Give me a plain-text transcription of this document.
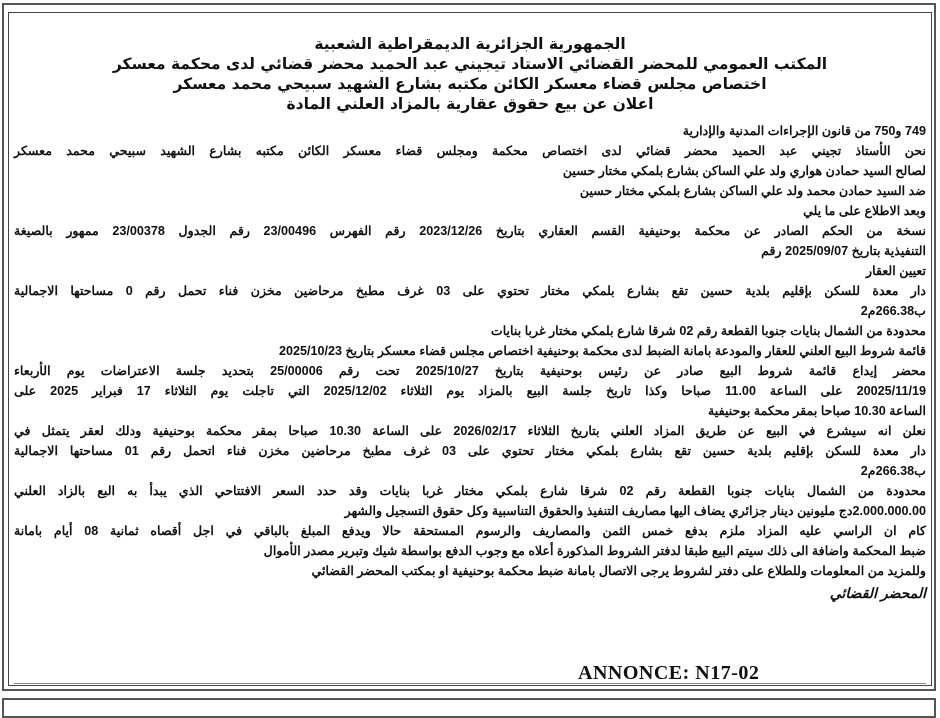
الجمهورية الجزائرية الديمقراطية الشعبية
المكتب العمومي للمحضر القضائي الاستاد تيجيني عبد الحميد محضر قضائي لدى محكمة معسكر
اختصاص مجلس قضاء معسكر الكائن مكتبه بشارع الشهيد سبيحي محمد معسكر
اعلان عن بيع حقوق عقارية بالمزاد العلني المادة
749 و750 من قانون الإجراءات المدنية والإدارية
نحن الأستاذ تجيني عبد الحميد محضر قضائي لدى اختصاص محكمة ومجلس قضاء معسكر الكائن مكتبه بشارع الشهيد سبيحي محمد معسكر
لصالح السيد حمادن هواري ولد علي الساكن بشارع بلمكي مختار حسين
ضد السيد حمادن محمد ولد علي الساكن بشارع بلمكي مختار حسين
وبعد الاطلاع على ما يلي
نسخة من الحكم الصادر عن محكمة بوحنيفية القسم العقاري بتاريخ 2023/12/26 رقم الفهرس 23/00496 رقم الجدول 23/00378 ممهور بالصيغة
التنفيذية بتاريخ 2025/09/07 رقم
تعيين العقار
دار معدة للسكن بإقليم بلدية حسين تقع بشارع بلمكي مختار تحتوي على 03 غرف مطبخ مرحاضين مخزن فناء تحمل رقم 0 مساحتها الاجمالية
ب266.38م2
محدودة من الشمال بنايات جنوبا القطعة رقم 02 شرقا شارع بلمكي مختار غربا بنايات
قائمة شروط البيع العلني للعقار والمودعة بامانة الضبط لدى محكمة بوحنيفية اختصاص مجلس قضاء معسكر بتاريخ 2025/10/23
محضر إيداع قائمة شروط البيع صادر عن رئيس بوحنيفية بتاريخ 2025/10/27 تحت رقم 25/00006 بتحديد جلسة الاعتراضات يوم الأربعاء
20025/11/19 على الساعة 11.00 صباحا وكذا تاريخ جلسة البيع بالمزاد يوم الثلاثاء 2025/12/02 التي تاجلت يوم الثلاثاء 17 فبراير 2025 على
الساعة 10.30 صباحا بمقر محكمة بوحنيفية
نعلن انه سيشرع في البيع عن طريق المزاد العلني بتاريخ الثلاثاء 2026/02/17 على الساعة 10.30 صباحا بمقر محكمة بوحنيفية ودلك لعقر يتمثل في
دار معدة للسكن بإقليم بلدية حسين تقع بشارع بلمكي مختار تحتوي على 03 غرف مطبخ مرحاضين مخزن فناء اتحمل رقم 01 مساحتها الاجمالية
ب266.38م2
محدودة من الشمال بنايات جنوبا القطعة رقم 02 شرقا شارع بلمكي مختار غربا بنايات وقد حدد السعر الافتتاحي الذي يبدأ به البع بالزاد العلني
2.000.000.00دج مليونين دينار جزائري يضاف اليها مصاريف التنفيذ والحقوق التناسبية وكل حقوق التسجيل والشهر
كام ان الراسي عليه المزاد ملزم بدفع خمس الثمن والمصاريف والرسوم المستحقة حالا ويدفع المبلغ بالباقي في اجل أقصاه ثمانية 08 أيام بامانة
ضبط المحكمة واضافة الى ذلك سيتم البيع طبقا لدفتر الشروط المذكورة أعلاه مع وجوب الدفع بواسطة شيك وتبرير مصدر الأموال
وللمزيد من المعلومات وللطلاع على دفتر لشروط يرجى الاتصال بامانة ضبط محكمة بوحنيفية او بمكتب المحضر القضائي
المحضر القضائي
ANNONCE: N17-02
